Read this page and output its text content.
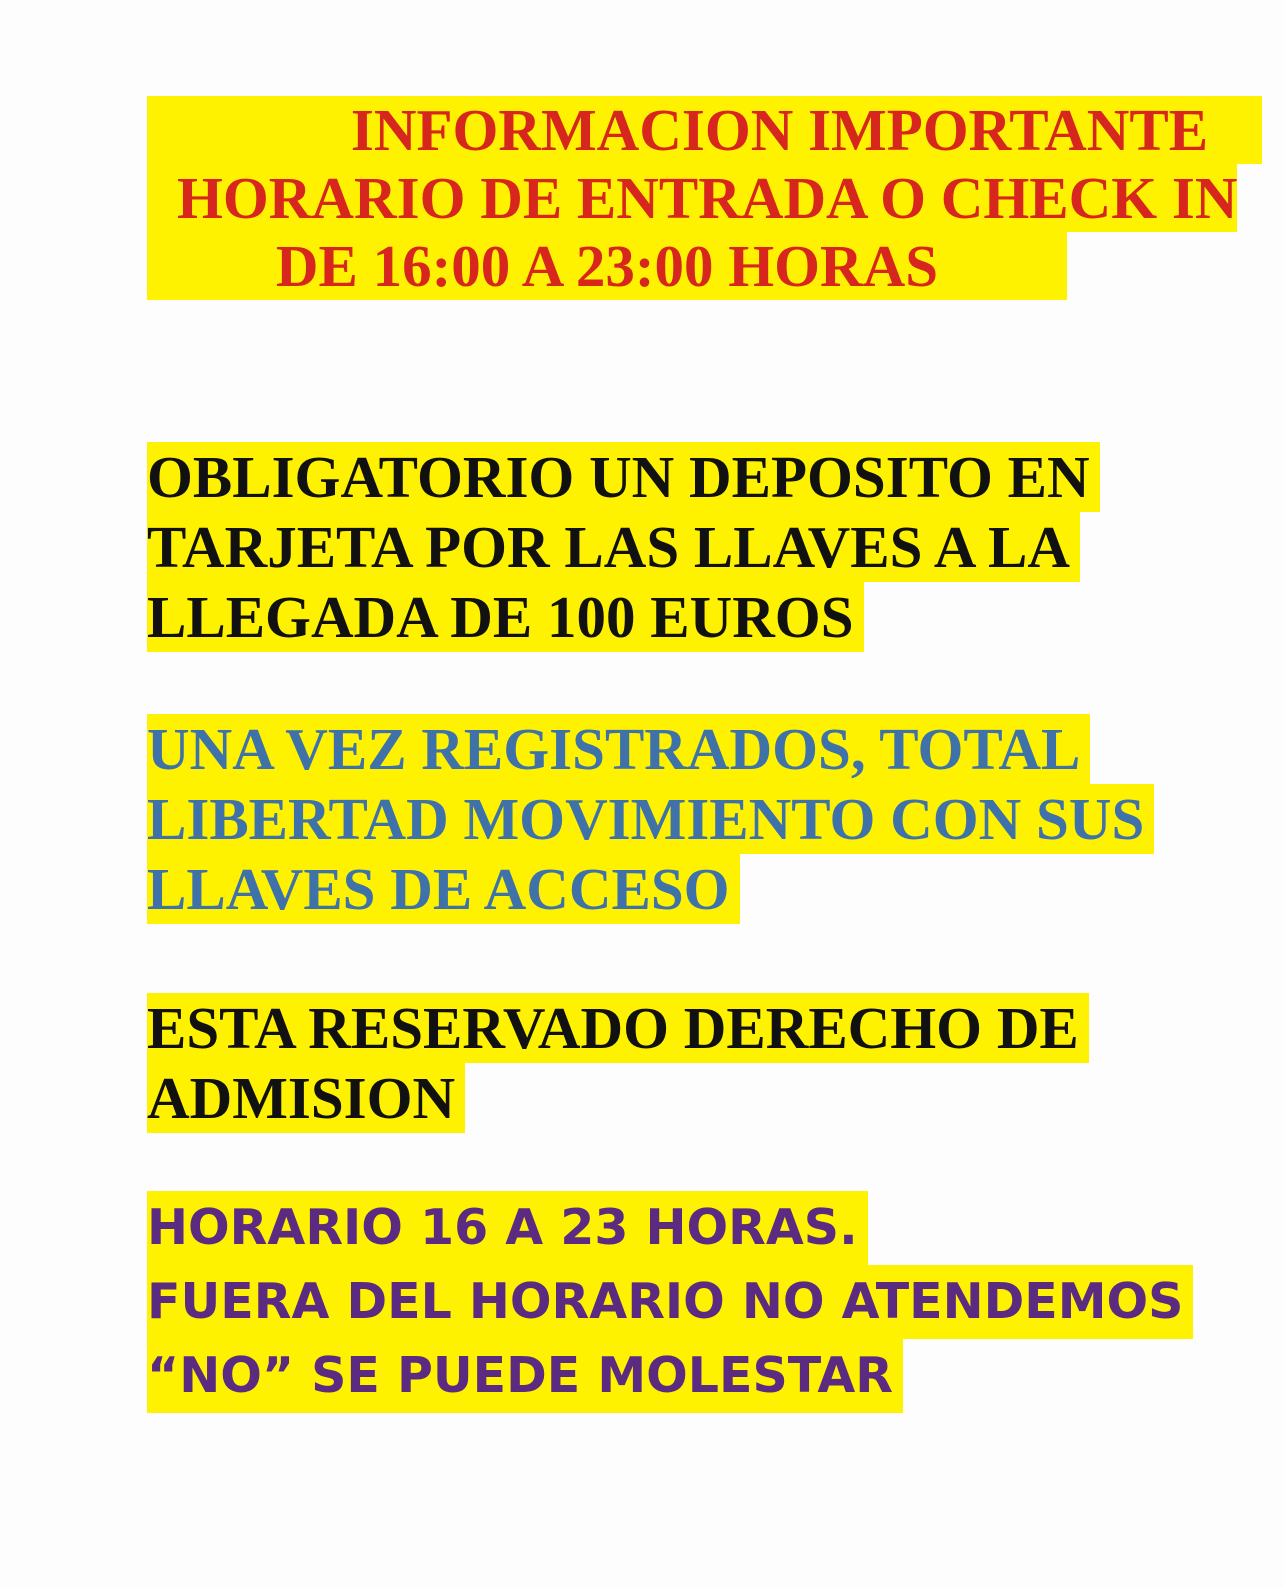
INFORMACION IMPORTANTE
HORARIO DE ENTRADA O CHECK IN
DE 16:00 A 23:00 HORAS
OBLIGATORIO UN DEPOSITO EN
TARJETA POR LAS LLAVES A LA
LLEGADA DE 100 EUROS
UNA VEZ REGISTRADOS, TOTAL
LIBERTAD MOVIMIENTO CON SUS
LLAVES DE ACCESO
ESTA RESERVADO DERECHO DE
ADMISION
HORARIO 16 A 23 HORAS.
FUERA DEL HORARIO NO ATENDEMOS
“NO” SE PUEDE MOLESTAR
